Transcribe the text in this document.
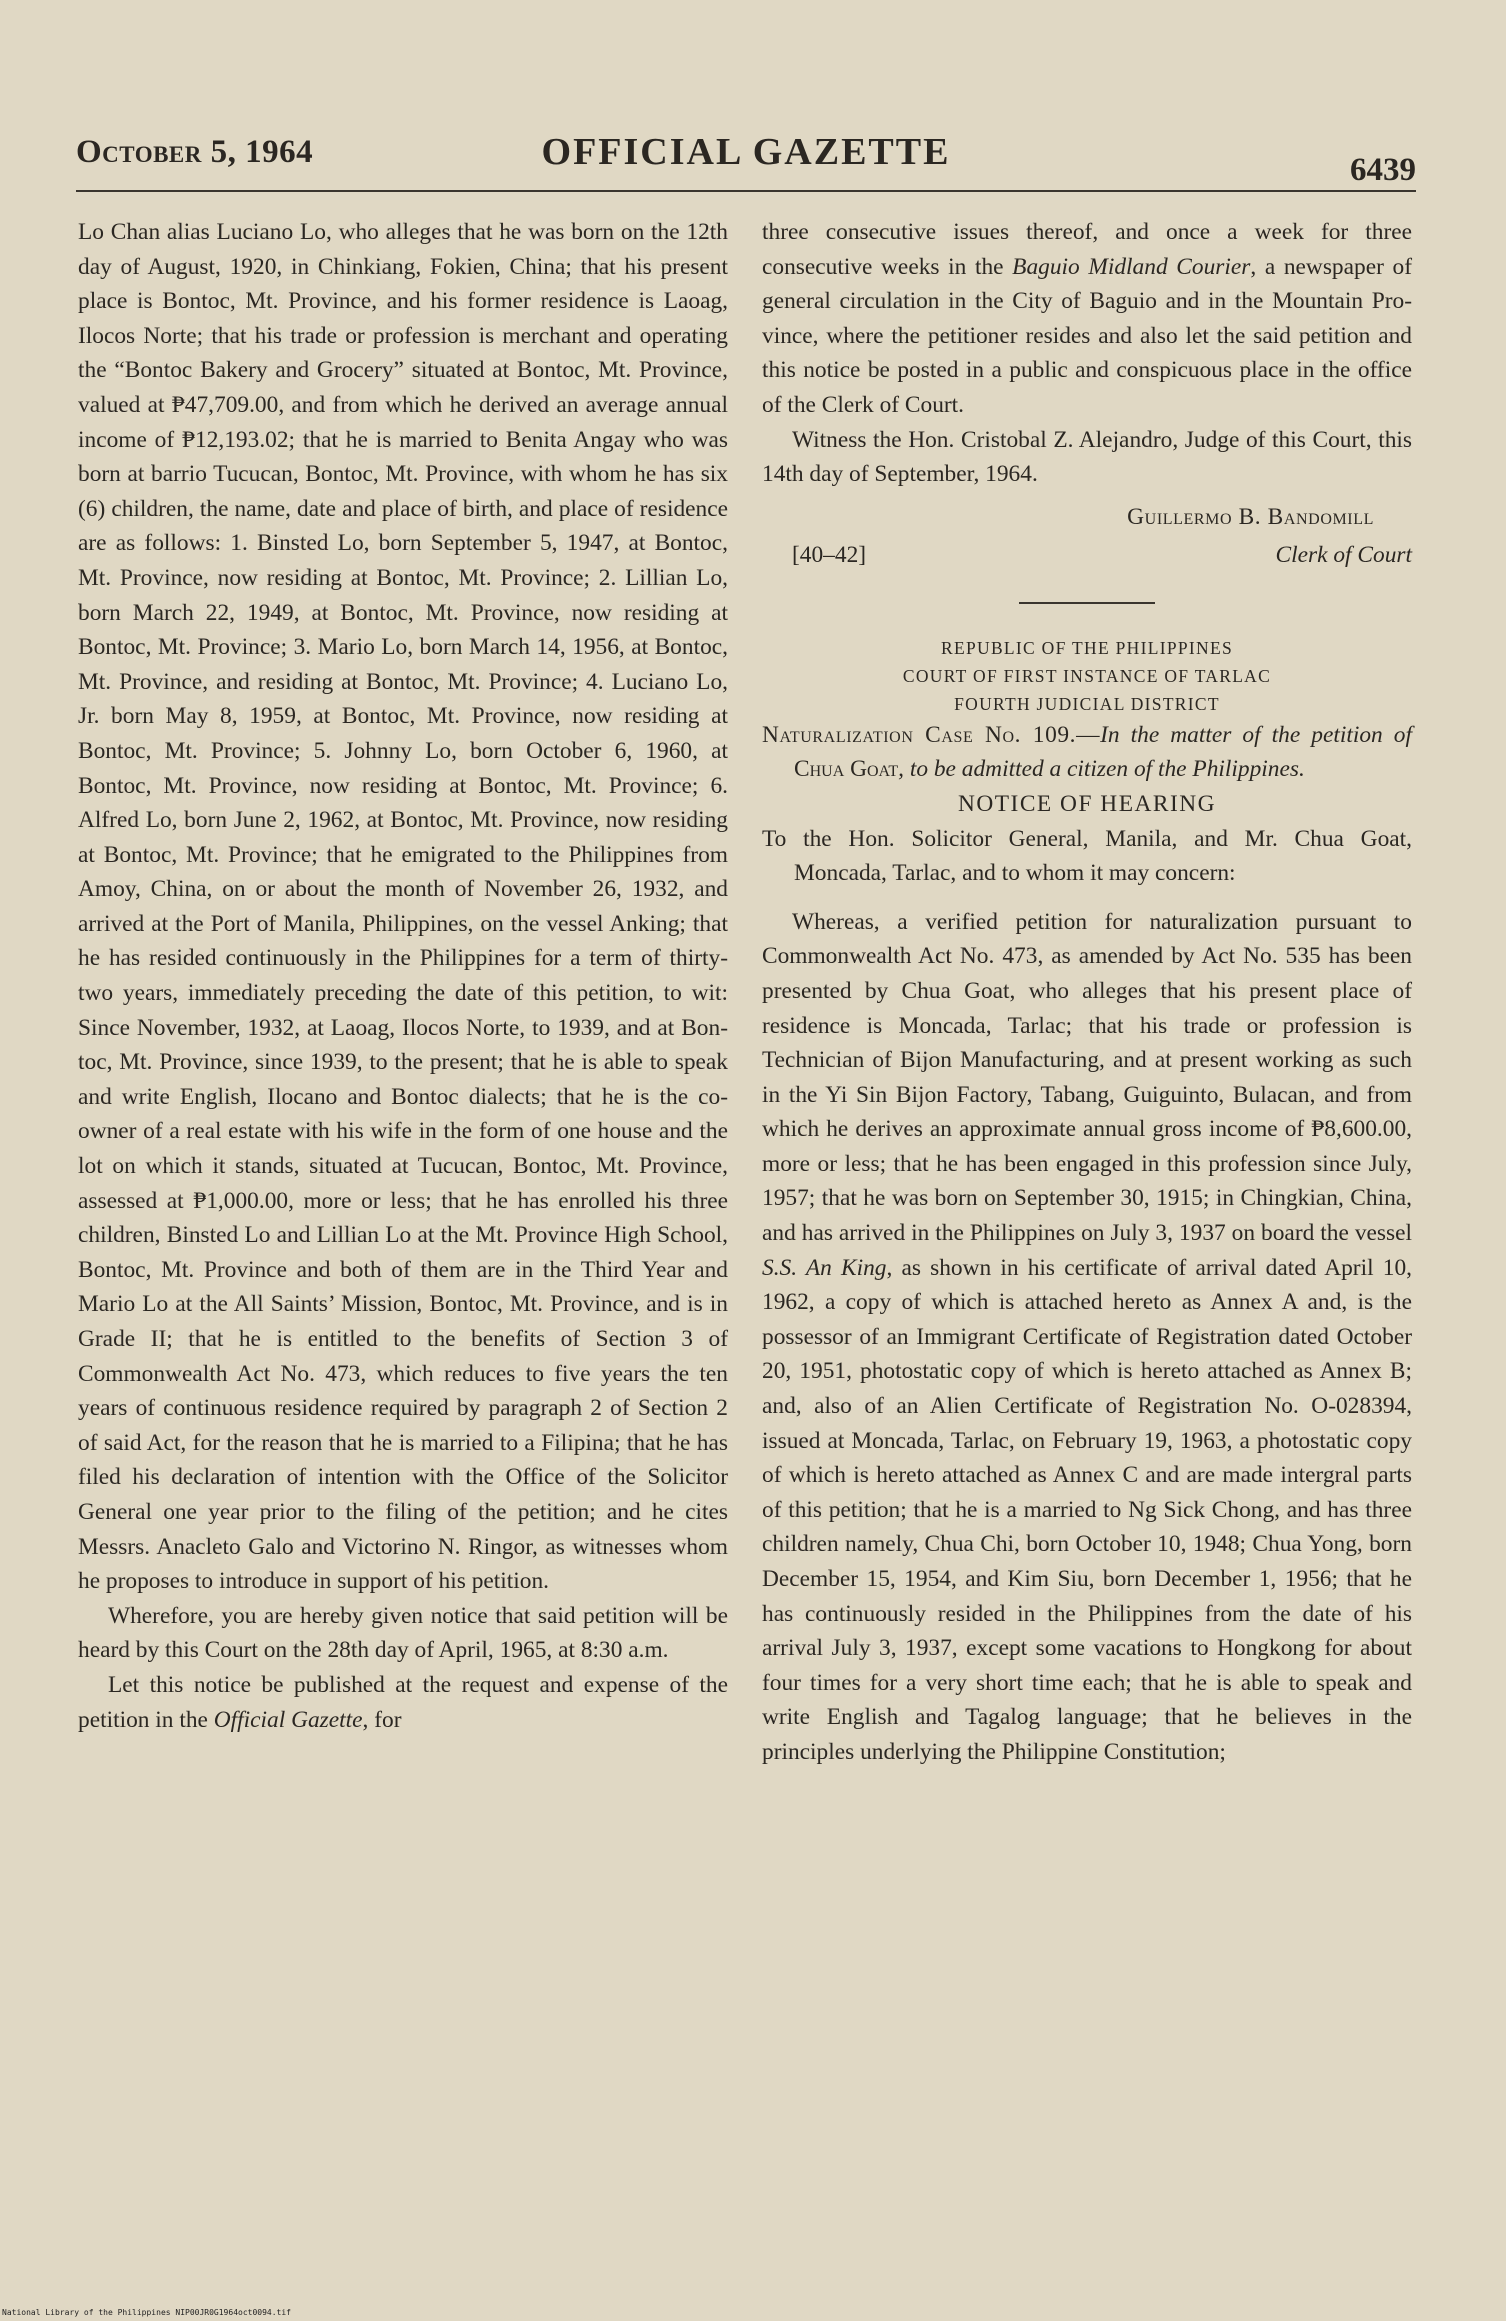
October 5, 1964	OFFICIAL GAZETTE	6439

Lo Chan alias Luciano Lo, who alleges that he was born on the 12th day of August, 1920, in Chinkiang, Fokien, China; that his present place is Bontoc, Mt. Province, and his former residence is Laoag, Ilocos Norte; that his trade or profession is merchant and operating the “Bontoc Bakery and Grocery” situated at Bontoc, Mt. Province, valued at ₱47,709.00, and from which he derived an average annual income of ₱12,193.02; that he is married to Benita Angay who was born at barrio Tucucan, Bontoc, Mt. Province, with whom he has six (6) children, the name, date and place of birth, and place of residence are as follows: 1. Binsted Lo, born September 5, 1947, at Bontoc, Mt. Province, now residing at Bontoc, Mt. Province; 2. Lillian Lo, born March 22, 1949, at Bontoc, Mt. Province, now residing at Bontoc, Mt. Province; 3. Mario Lo, born March 14, 1956, at Bontoc, Mt. Province, and residing at Bontoc, Mt. Province; 4. Luciano Lo, Jr. born May 8, 1959, at Bontoc, Mt. Province, now residing at Bontoc, Mt. Province; 5. Johnny Lo, born October 6, 1960, at Bontoc, Mt. Province, now residing at Bontoc, Mt. Province; 6. Alfred Lo, born June 2, 1962, at Bontoc, Mt. Province, now residing at Bontoc, Mt. Province; that he emigrated to the Philippines from Amoy, China, on or about the month of November 26, 1932, and arrived at the Port of Manila, Philippines, on the vessel Anking; that he has resided continuously in the Philippines for a term of thirty-two years, immediately preceding the date of this petition, to wit: Since November, 1932, at Laoag, Ilocos Norte, to 1939, and at Bontoc, Mt. Province, since 1939, to the present; that he is able to speak and write English, Ilocano and Bontoc dialects; that he is the co-owner of a real estate with his wife in the form of one house and the lot on which it stands, situated at Tucucan, Bontoc, Mt. Province, assessed at ₱1,000.00, more or less; that he has enrolled his three children, Binsted Lo and Lillian Lo at the Mt. Province High School, Bontoc, Mt. Province and both of them are in the Third Year and Mario Lo at the All Saints’ Mission, Bontoc, Mt. Province, and is in Grade II; that he is entitled to the benefits of Section 3 of Commonwealth Act No. 473, which reduces to five years the ten years of continuous residence required by paragraph 2 of Section 2 of said Act, for the reason that he is married to a Filipina; that he has filed his declaration of intention with the Office of the Solicitor General one year prior to the filing of the petition; and he cites Messrs. Anacleto Galo and Victorino N. Ringor, as witnesses whom he proposes to introduce in support of his petition.

Wherefore, you are hereby given notice that said petition will be heard by this Court on the 28th day of April, 1965, at 8:30 a.m.

Let this notice be published at the request and expense of the petition in the Official Gazette, for

three consecutive issues thereof, and once a week for three consecutive weeks in the Baguio Midland Courier, a newspaper of general circulation in the City of Baguio and in the Mountain Province, where the petitioner resides and also let the said petition and this notice be posted in a public and conspicuous place in the office of the Clerk of Court.

Witness the Hon. Cristobal Z. Alejandro, Judge of this Court, this 14th day of September, 1964.

Guillermo B. Bandomill
[40–42]	Clerk of Court
REPUBLIC OF THE PHILIPPINES
COURT OF FIRST INSTANCE OF TARLAC
FOURTH JUDICIAL DISTRICT

Naturalization Case No. 109.—In the matter of the petition of Chua Goat, to be admitted a citizen of the Philippines.

NOTICE OF HEARING

To the Hon. Solicitor General, Manila, and Mr. Chua Goat, Moncada, Tarlac, and to whom it may concern:

Whereas, a verified petition for naturalization pursuant to Commonwealth Act No. 473, as amended by Act No. 535 has been presented by Chua Goat, who alleges that his present place of residence is Moncada, Tarlac; that his trade or profession is Technician of Bijon Manufacturing, and at present working as such in the Yi Sin Bijon Factory, Tabang, Guiguinto, Bulacan, and from which he derives an approximate annual gross income of ₱8,600.00, more or less; that he has been engaged in this profession since July, 1957; that he was born on September 30, 1915; in Chingkian, China, and has arrived in the Philippines on July 3, 1937 on board the vessel S.S. An King, as shown in his certificate of arrival dated April 10, 1962, a copy of which is attached hereto as Annex A and, is the possessor of an Immigrant Certificate of Registration dated October 20, 1951, photostatic copy of which is hereto attached as Annex B; and, also of an Alien Certificate of Registration No. O-028394, issued at Moncada, Tarlac, on February 19, 1963, a photostatic copy of which is hereto attached as Annex C and are made intergral parts of this petition; that he is a married to Ng Sick Chong, and has three children namely, Chua Chi, born October 10, 1948; Chua Yong, born December 15, 1954, and Kim Siu, born December 1, 1956; that he has continuously resided in the Philippines from the date of his arrival July 3, 1937, except some vacations to Hongkong for about four times for a very short time each; that he is able to speak and write English and Tagalog language; that he believes in the principles underlying the Philippine Constitution;

National Library of the Philippines NIP00JR0G1964oct0094.tif
